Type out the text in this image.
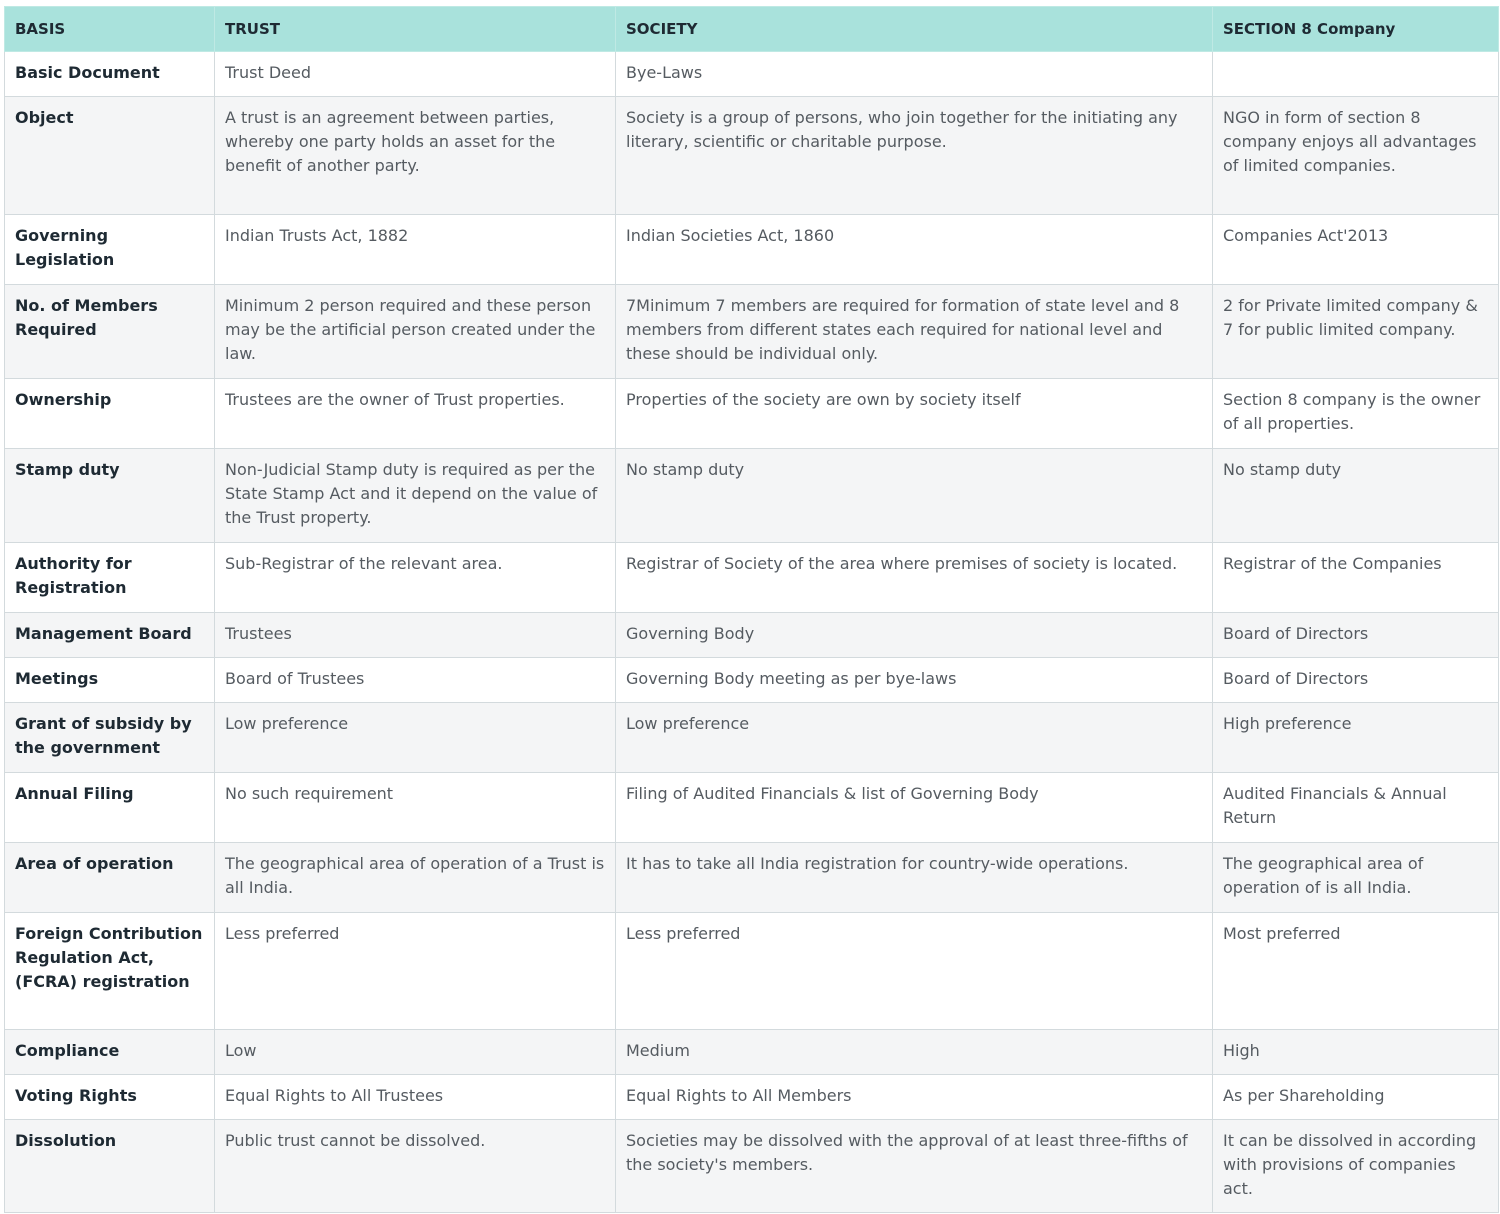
BASIS	TRUST	SOCIETY	SECTION 8 Company
Basic Document	Trust Deed	Bye-Laws	
Object	A trust is an agreement between parties, whereby one party holds an asset for the benefit of another party.	Society is a group of persons, who join together for the initiating any literary, scientific or charitable purpose.	NGO in form of section 8 company enjoys all advantages of limited companies.
Governing Legislation	Indian Trusts Act, 1882	Indian Societies Act, 1860	Companies Act'2013
No. of Members Required	Minimum 2 person required and these person may be the artificial person created under the law.	7Minimum 7 members are required for formation of state level and 8 members from different states each required for national level and these should be individual only.	2 for Private limited company & 7 for public limited company.
Ownership	Trustees are the owner of Trust properties.	Properties of the society are own by society itself	Section 8 company is the owner of all properties.
Stamp duty	Non-Judicial Stamp duty is required as per the State Stamp Act and it depend on the value of the Trust property.	No stamp duty	No stamp duty
Authority for Registration	Sub-Registrar of the relevant area.	Registrar of Society of the area where premises of society is located.	Registrar of the Companies
Management Board	Trustees	Governing Body	Board of Directors
Meetings	Board of Trustees	Governing Body meeting as per bye-laws	Board of Directors
Grant of subsidy by the government	Low preference	Low preference	High preference
Annual Filing	No such requirement	Filing of Audited Financials & list of Governing Body	Audited Financials & Annual Return
Area of operation	The geographical area of operation of a Trust is all India.	It has to take all India registration for country-wide operations.	The geographical area of operation of is all India.
Foreign Contribution Regulation Act, (FCRA) registration	Less preferred	Less preferred	Most preferred
Compliance	Low	Medium	High
Voting Rights	Equal Rights to All Trustees	Equal Rights to All Members	As per Shareholding
Dissolution	Public trust cannot be dissolved.	Societies may be dissolved with the approval of at least three-fifths of the society's members.	It can be dissolved in according with provisions of companies act.
